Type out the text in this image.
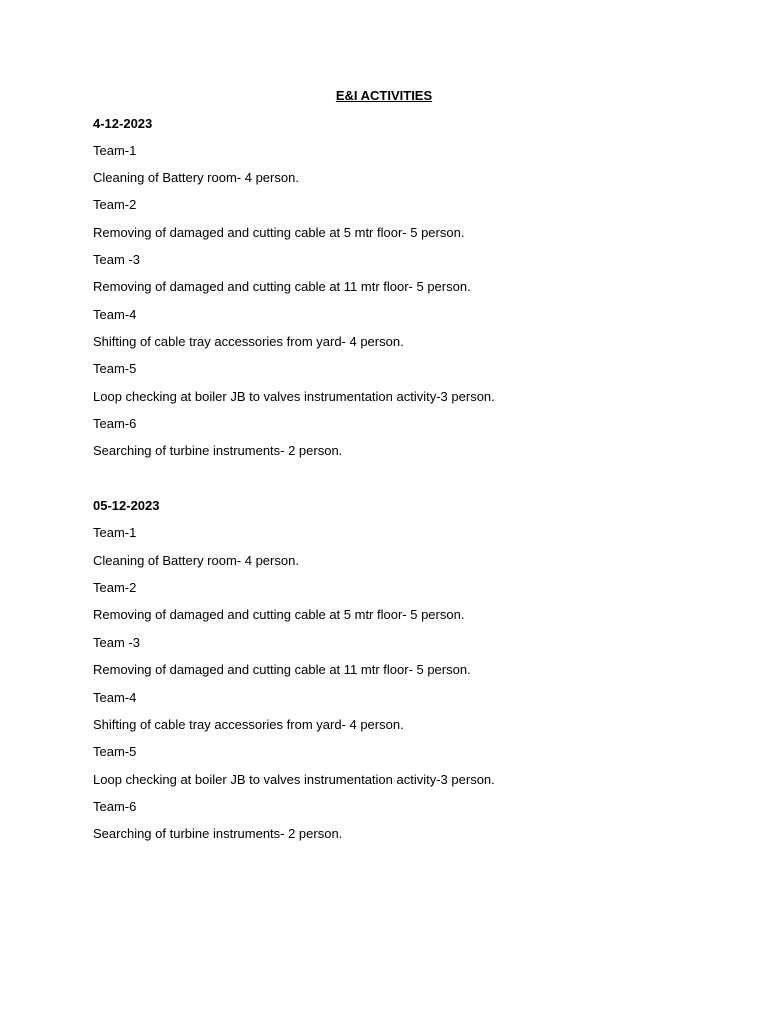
E&I ACTIVITIES
4-12-2023
Team-1
Cleaning of Battery room- 4 person.
Team-2
Removing of damaged and cutting cable at 5 mtr floor- 5 person.
Team -3
Removing of damaged and cutting cable at 11 mtr floor- 5 person.
Team-4
Shifting of cable tray accessories from yard- 4 person.
Team-5
Loop checking at boiler JB to valves instrumentation activity-3 person.
Team-6
Searching of turbine instruments- 2 person.
05-12-2023
Team-1
Cleaning of Battery room- 4 person.
Team-2
Removing of damaged and cutting cable at 5 mtr floor- 5 person.
Team -3
Removing of damaged and cutting cable at 11 mtr floor- 5 person.
Team-4
Shifting of cable tray accessories from yard- 4 person.
Team-5
Loop checking at boiler JB to valves instrumentation activity-3 person.
Team-6
Searching of turbine instruments- 2 person.
